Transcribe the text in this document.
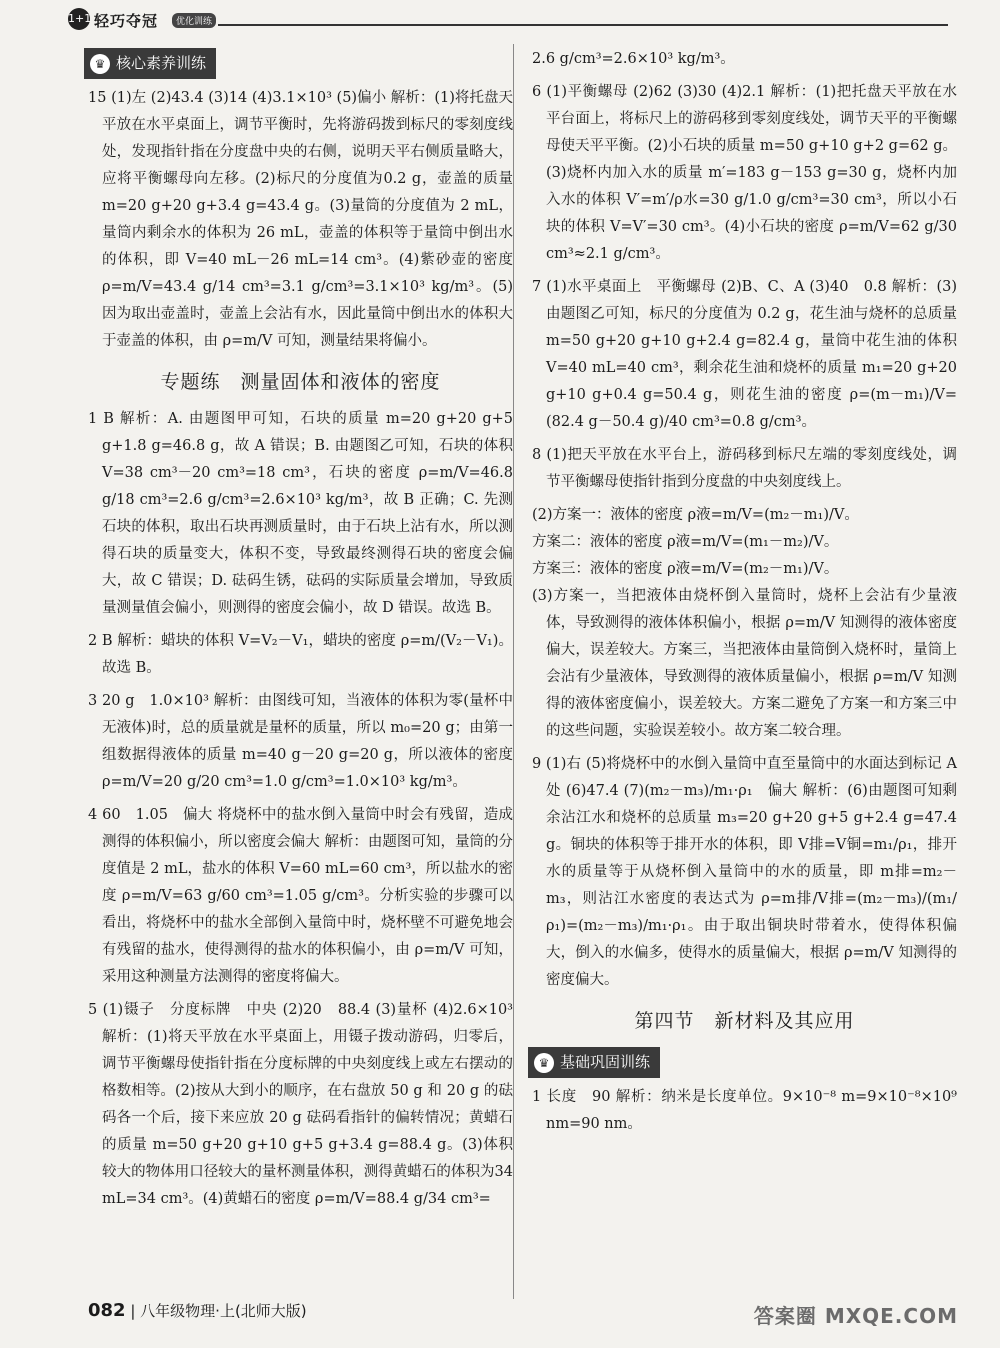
1+1 轻巧夺冠	优化训练
♛ 核心素养训练

15 (1)左 (2)43.4 (3)14 (4)3.1×10³ (5)偏小 解析：(1)将托盘天平放在水平桌面上，调节平衡时，先将游码拨到标尺的零刻度线处，发现指针指在分度盘中央的右侧，说明天平右侧质量略大，应将平衡螺母向左移。(2)标尺的分度值为0.2 g，壶盖的质量 m=20 g+20 g+3.4 g=43.4 g。(3)量筒的分度值为 2 mL，量筒内剩余水的体积为 26 mL，壶盖的体积等于量筒中倒出水的体积，即 V=40 mL－26 mL=14 cm³。(4)紫砂壶的密度 ρ=m/V=43.4 g/14 cm³=3.1 g/cm³=3.1×10³ kg/m³。(5)因为取出壶盖时，壶盖上会沾有水，因此量筒中倒出水的体积大于壶盖的体积，由 ρ=m/V 可知，测量结果将偏小。

专题练　测量固体和液体的密度

1 B 解析：A. 由题图甲可知，石块的质量 m=20 g+20 g+5 g+1.8 g=46.8 g，故 A 错误；B. 由题图乙可知，石块的体积 V=38 cm³－20 cm³=18 cm³，石块的密度 ρ=m/V=46.8 g/18 cm³=2.6 g/cm³=2.6×10³ kg/m³，故 B 正确；C. 先测石块的体积，取出石块再测质量时，由于石块上沾有水，所以测得石块的质量变大，体积不变，导致最终测得石块的密度会偏大，故 C 错误；D. 砝码生锈，砝码的实际质量会增加，导致质量测量值会偏小，则测得的密度会偏小，故 D 错误。故选 B。

2 B 解析：蜡块的体积 V=V₂－V₁，蜡块的密度 ρ=m/(V₂－V₁)。故选 B。

3 20 g　1.0×10³ 解析：由图线可知，当液体的体积为零(量杯中无液体)时，总的质量就是量杯的质量，所以 m₀=20 g；由第一组数据得液体的质量 m=40 g－20 g=20 g，所以液体的密度 ρ=m/V=20 g/20 cm³=1.0 g/cm³=1.0×10³ kg/m³。

4 60　1.05　偏大 将烧杯中的盐水倒入量筒中时会有残留，造成测得的体积偏小，所以密度会偏大 解析：由题图可知，量筒的分度值是 2 mL，盐水的体积 V=60 mL=60 cm³，所以盐水的密度 ρ=m/V=63 g/60 cm³=1.05 g/cm³。分析实验的步骤可以看出，将烧杯中的盐水全部倒入量筒中时，烧杯壁不可避免地会有残留的盐水，使得测得的盐水的体积偏小，由 ρ=m/V 可知，采用这种测量方法测得的密度将偏大。

5 (1)镊子　分度标牌　中央 (2)20　88.4 (3)量杯 (4)2.6×10³ 解析：(1)将天平放在水平桌面上，用镊子拨动游码，归零后，调节平衡螺母使指针指在分度标牌的中央刻度线上或左右摆动的格数相等。(2)按从大到小的顺序，在右盘放 50 g 和 20 g 的砝码各一个后，接下来应放 20 g 砝码看指针的偏转情况；黄蜡石的质量 m=50 g+20 g+10 g+5 g+3.4 g=88.4 g。(3)体积较大的物体用口径较大的量杯测量体积，测得黄蜡石的体积为34 mL=34 cm³。(4)黄蜡石的密度 ρ=m/V=88.4 g/34 cm³=

2.6 g/cm³=2.6×10³ kg/m³。

6 (1)平衡螺母 (2)62 (3)30 (4)2.1 解析：(1)把托盘天平放在水平台面上，将标尺上的游码移到零刻度线处，调节天平的平衡螺母使天平平衡。(2)小石块的质量 m=50 g+10 g+2 g=62 g。(3)烧杯内加入水的质量 m′=183 g－153 g=30 g，烧杯内加入水的体积 V′=m′/ρ水=30 g/1.0 g/cm³=30 cm³，所以小石块的体积 V=V′=30 cm³。(4)小石块的密度 ρ=m/V=62 g/30 cm³≈2.1 g/cm³。

7 (1)水平桌面上　平衡螺母 (2)B、C、A (3)40　0.8 解析：(3)由题图乙可知，标尺的分度值为 0.2 g，花生油与烧杯的总质量 m=50 g+20 g+10 g+2.4 g=82.4 g，量筒中花生油的体积 V=40 mL=40 cm³，剩余花生油和烧杯的质量 m₁=20 g+20 g+10 g+0.4 g=50.4 g，则花生油的密度 ρ=(m－m₁)/V=(82.4 g－50.4 g)/40 cm³=0.8 g/cm³。

8 (1)把天平放在水平台上，游码移到标尺左端的零刻度线处，调节平衡螺母使指针指到分度盘的中央刻度线上。

(2)方案一：液体的密度 ρ液=m/V=(m₂－m₁)/V。

方案二：液体的密度 ρ液=m/V=(m₁－m₂)/V。

方案三：液体的密度 ρ液=m/V=(m₂－m₁)/V。

(3)方案一，当把液体由烧杯倒入量筒时，烧杯上会沾有少量液体，导致测得的液体体积偏小，根据 ρ=m/V 知测得的液体密度偏大，误差较大。方案三，当把液体由量筒倒入烧杯时，量筒上会沾有少量液体，导致测得的液体质量偏小，根据 ρ=m/V 知测得的液体密度偏小，误差较大。方案二避免了方案一和方案三中的这些问题，实验误差较小。故方案二较合理。

9 (1)右 (5)将烧杯中的水倒入量筒中直至量筒中的水面达到标记 A 处 (6)47.4 (7)(m₂－m₃)/m₁·ρ₁　偏大 解析：(6)由题图可知剩余沾江水和烧杯的总质量 m₃=20 g+20 g+5 g+2.4 g=47.4 g。铜块的体积等于排开水的体积，即 V排=V铜=m₁/ρ₁，排开水的质量等于从烧杯倒入量筒中的水的质量，即 m排=m₂－m₃，则沾江水密度的表达式为 ρ=m排/V排=(m₂－m₃)/(m₁/ρ₁)=(m₂－m₃)/m₁·ρ₁。由于取出铜块时带着水，使得体积偏大，倒入的水偏多，使得水的质量偏大，根据 ρ=m/V 知测得的密度偏大。

第四节　新材料及其应用
♛ 基础巩固训练

1 长度　90 解析：纳米是长度单位。9×10⁻⁸ m=9×10⁻⁸×10⁹ nm=90 nm。

082 | 八年级物理·上(北师大版)	答案圈 MXQE.COM
